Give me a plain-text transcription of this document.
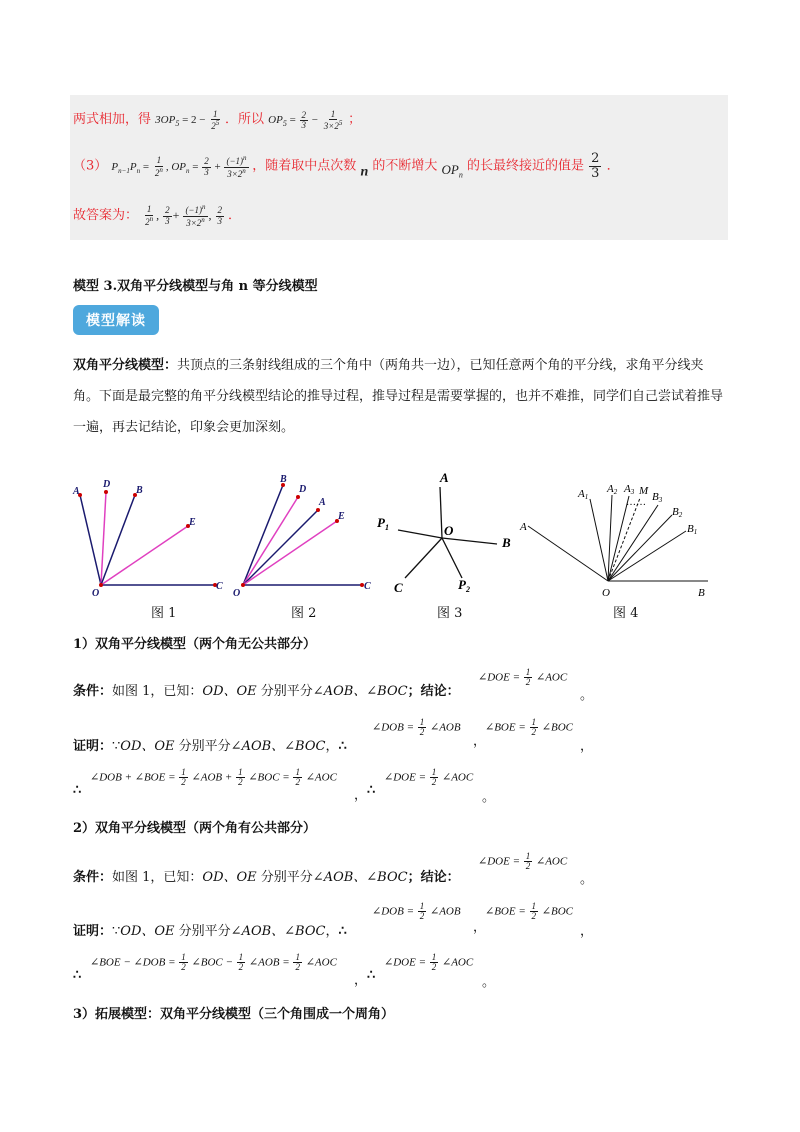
两式相加，得 $3OP_5 = 2 - \frac{1}{2^5}$ ．所以 $OP_5 = \frac{2}{3} - \frac{1}{3\times 2^5}$ ；
（3） $P_{n-1}P_n = \frac{1}{2^n}$ , $OP_n = \frac{2}{3} + \frac{(-1)^n}{3\times 2^n}$ ，随着取中点次数 n 的不断增大 $OP_n$ 的长最终接近的值是 $\frac{2}{3}$ ．
故答案为： $\frac{1}{2^n}$ , $\frac{2}{3} + \frac{(-1)^n}{3\times 2^n}$ , $\frac{2}{3}$ ．
模型 3.双角平分线模型与角 n 等分线模型
模型解读
双角平分线模型：共顶点的三条射线组成的三个角中（两角共一边），已知任意两个角的平分线，求角平分线夹角。下面是最完整的角平分线模型结论的推导过程，推导过程是需要掌握的，也并不难推，同学们自己尝试着推导一遍，再去记结论，印象会更加深刻。
A
D
B
E
O
C
B
D
A
E
O
C
A
$P_1$	O
B
C	$P_2$
……
A
A1
A2 A3 M B3
B2
B1
O	B
图 1	图 2	图 3	图 4
1）双角平分线模型（两个角无公共部分）
条件：如图 1，已知：OD、OE 分别平分∠AOB、∠BOC；结论：
∠DOE = $\frac{1}{2}$ ∠AOC
。
证明：∵OD、OE 分别平分∠AOB、∠BOC，∴
∠DOB = $\frac{1}{2}$ ∠AOB
，
∠BOE = $\frac{1}{2}$ ∠BOC
，
∴
∠DOB + ∠BOE = $\frac{1}{2}$ ∠AOB + $\frac{1}{2}$ ∠BOC = $\frac{1}{2}$ ∠AOC
， ∴
∠DOE = $\frac{1}{2}$ ∠AOC
。
2）双角平分线模型（两个角有公共部分）
条件：如图 1，已知：OD、OE 分别平分∠AOB、∠BOC；结论：
∠DOE = $\frac{1}{2}$ ∠AOC
。
证明：∵OD、OE 分别平分∠AOB、∠BOC，∴
∠DOB = $\frac{1}{2}$ ∠AOB
，
∠BOE = $\frac{1}{2}$ ∠BOC
，
∴
∠BOE − ∠DOB = $\frac{1}{2}$ ∠BOC − $\frac{1}{2}$ ∠AOB = $\frac{1}{2}$ ∠AOC
， ∴
∠DOE = $\frac{1}{2}$ ∠AOC
。
3）拓展模型：双角平分线模型（三个角围成一个周角）
